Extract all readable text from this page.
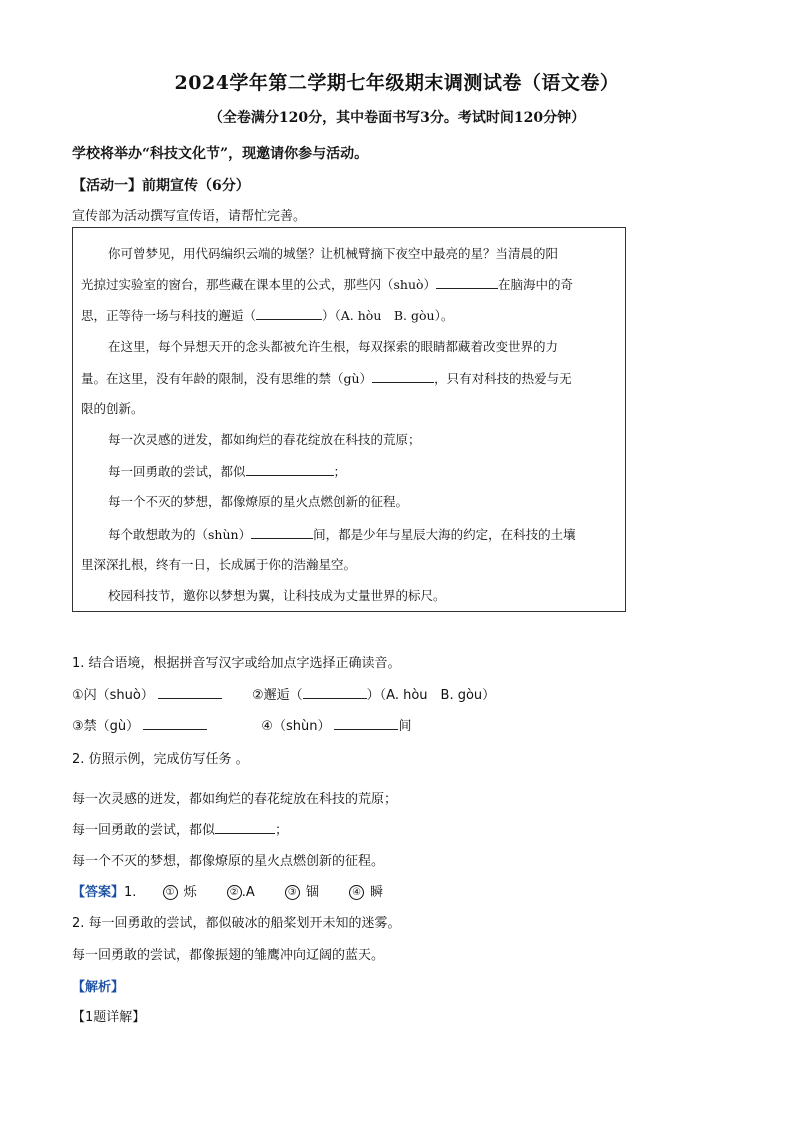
2024学年第二学期七年级期末调测试卷（语文卷）
（全卷满分120分，其中卷面书写3分。考试时间120分钟）
学校将举办“科技文化节”，现邀请你参与活动。
【活动一】前期宣传（6分）
宣传部为活动撰写宣传语，请帮忙完善。
你可曾梦见，用代码编织云端的城堡？让机械臂摘下夜空中最亮的星？当清晨的阳
光掠过实验室的窗台，那些藏在课本里的公式，那些闪（shuò）	在脑海中的奇
思，正等待一场与科技的邂逅（	）（A. hòu　B. gòu）。
在这里，每个异想天开的念头都被允许生根，每双探索的眼睛都藏着改变世界的力
量。在这里，没有年龄的限制，没有思维的禁（gù）	，只有对科技的热爱与无
限的创新。
每一次灵感的迸发，都如绚烂的春花绽放在科技的荒原；
每一回勇敢的尝试，都似	；
每一个不灭的梦想，都像燎原的星火点燃创新的征程。
每个敢想敢为的（shùn）	间，都是少年与星辰大海的约定，在科技的土壤
里深深扎根，终有一日，长成属于你的浩瀚星空。
校园科技节，邀你以梦想为翼，让科技成为丈量世界的标尺。
1. 结合语境，根据拼音写汉字或给加点字选择正确读音。
①闪（shuò）	②邂逅（	）（A. hòu　B. gòu）
③禁（gù）	④（shùn）	间
2. 仿照示例，完成仿写任务 。
每一次灵感的迸发，都如绚烂的春花绽放在科技的荒原；
每一回勇敢的尝试，都似	；
每一个不灭的梦想，都像燎原的星火点燃创新的征程。
【答案】1.	① 烁	② .A	③ 锢	④ 瞬
2. 每一回勇敢的尝试，都似破冰的船桨划开未知的迷雾。
每一回勇敢的尝试，都像振翅的雏鹰冲向辽阔的蓝天。
【解析】
【1题详解】
